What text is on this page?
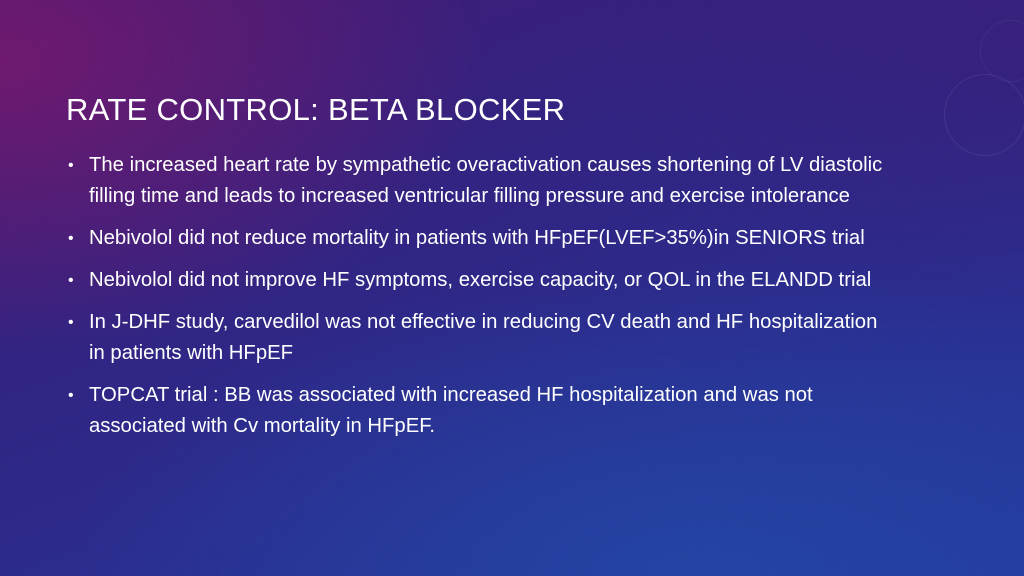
RATE CONTROL: BETA BLOCKER
• The increased heart rate by sympathetic overactivation causes shortening of LV diastolic filling time and leads to increased ventricular filling pressure and exercise intolerance
• Nebivolol did not reduce mortality in patients with HFpEF(LVEF>35%)in SENIORS trial
• Nebivolol did not improve HF symptoms, exercise capacity, or QOL in the ELANDD trial
• In J-DHF study, carvedilol was not effective in reducing CV death and HF hospitalization in patients with HFpEF
• TOPCAT trial : BB was associated with increased HF hospitalization and was not associated with Cv mortality in HFpEF.
